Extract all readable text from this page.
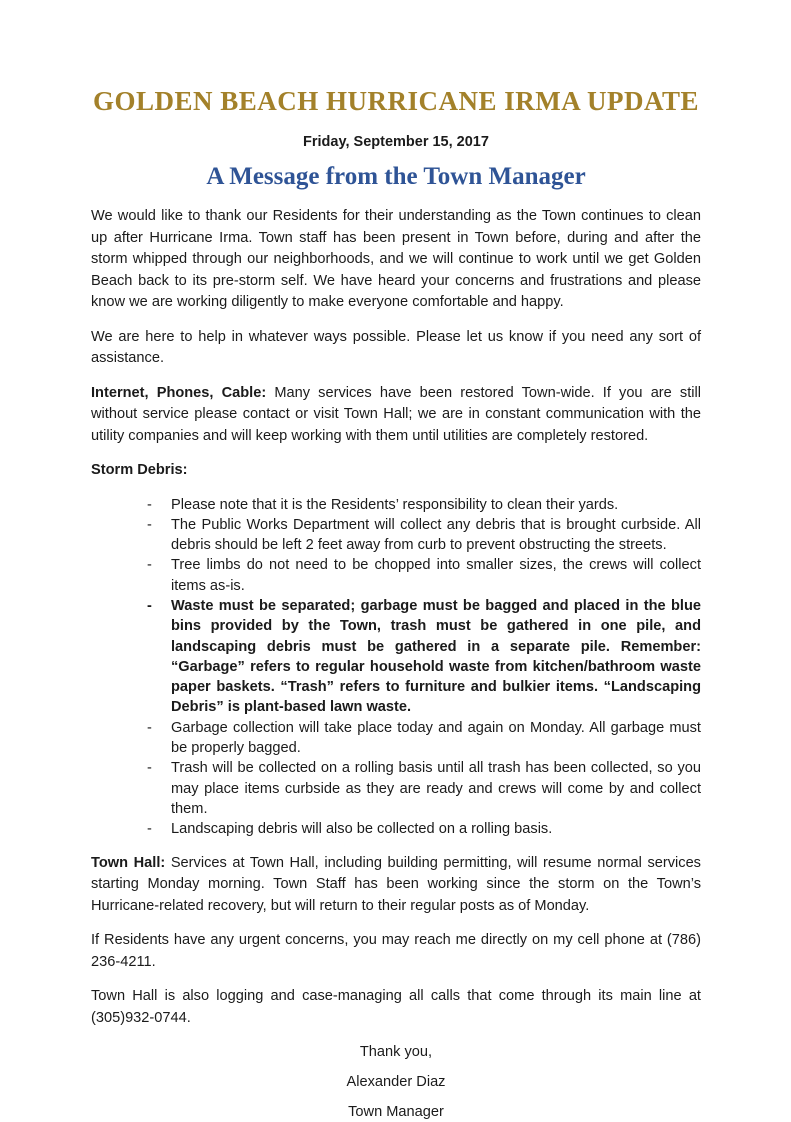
GOLDEN BEACH HURRICANE IRMA UPDATE
Friday, September 15, 2017
A Message from the Town Manager

We would like to thank our Residents for their understanding as the Town continues to clean up after Hurricane Irma. Town staff has been present in Town before, during and after the storm whipped through our neighborhoods, and we will continue to work until we get Golden Beach back to its pre-storm self. We have heard your concerns and frustrations and please know we are working diligently to make everyone comfortable and happy.

We are here to help in whatever ways possible. Please let us know if you need any sort of assistance.

Internet, Phones, Cable: Many services have been restored Town-wide. If you are still without service please contact or visit Town Hall; we are in constant communication with the utility companies and will keep working with them until utilities are completely restored.

Storm Debris:

-	Please note that it is the Residents’ responsibility to clean their yards.
-	The Public Works Department will collect any debris that is brought curbside. All debris should be left 2 feet away from curb to prevent obstructing the streets.
-	Tree limbs do not need to be chopped into smaller sizes, the crews will collect items as-is.
-	Waste must be separated; garbage must be bagged and placed in the blue bins provided by the Town, trash must be gathered in one pile, and landscaping debris must be gathered in a separate pile. Remember: “Garbage” refers to regular household waste from kitchen/bathroom waste paper baskets. “Trash” refers to furniture and bulkier items. “Landscaping Debris” is plant-based lawn waste.
-	Garbage collection will take place today and again on Monday. All garbage must be properly bagged.
-	Trash will be collected on a rolling basis until all trash has been collected, so you may place items curbside as they are ready and crews will come by and collect them.
-	Landscaping debris will also be collected on a rolling basis.

Town Hall: Services at Town Hall, including building permitting, will resume normal services starting Monday morning. Town Staff has been working since the storm on the Town’s Hurricane-related recovery, but will return to their regular posts as of Monday.

If Residents have any urgent concerns, you may reach me directly on my cell phone at (786) 236-4211.

Town Hall is also logging and case-managing all calls that come through its main line at (305)932-0744.

Thank you,

Alexander Diaz

Town Manager
